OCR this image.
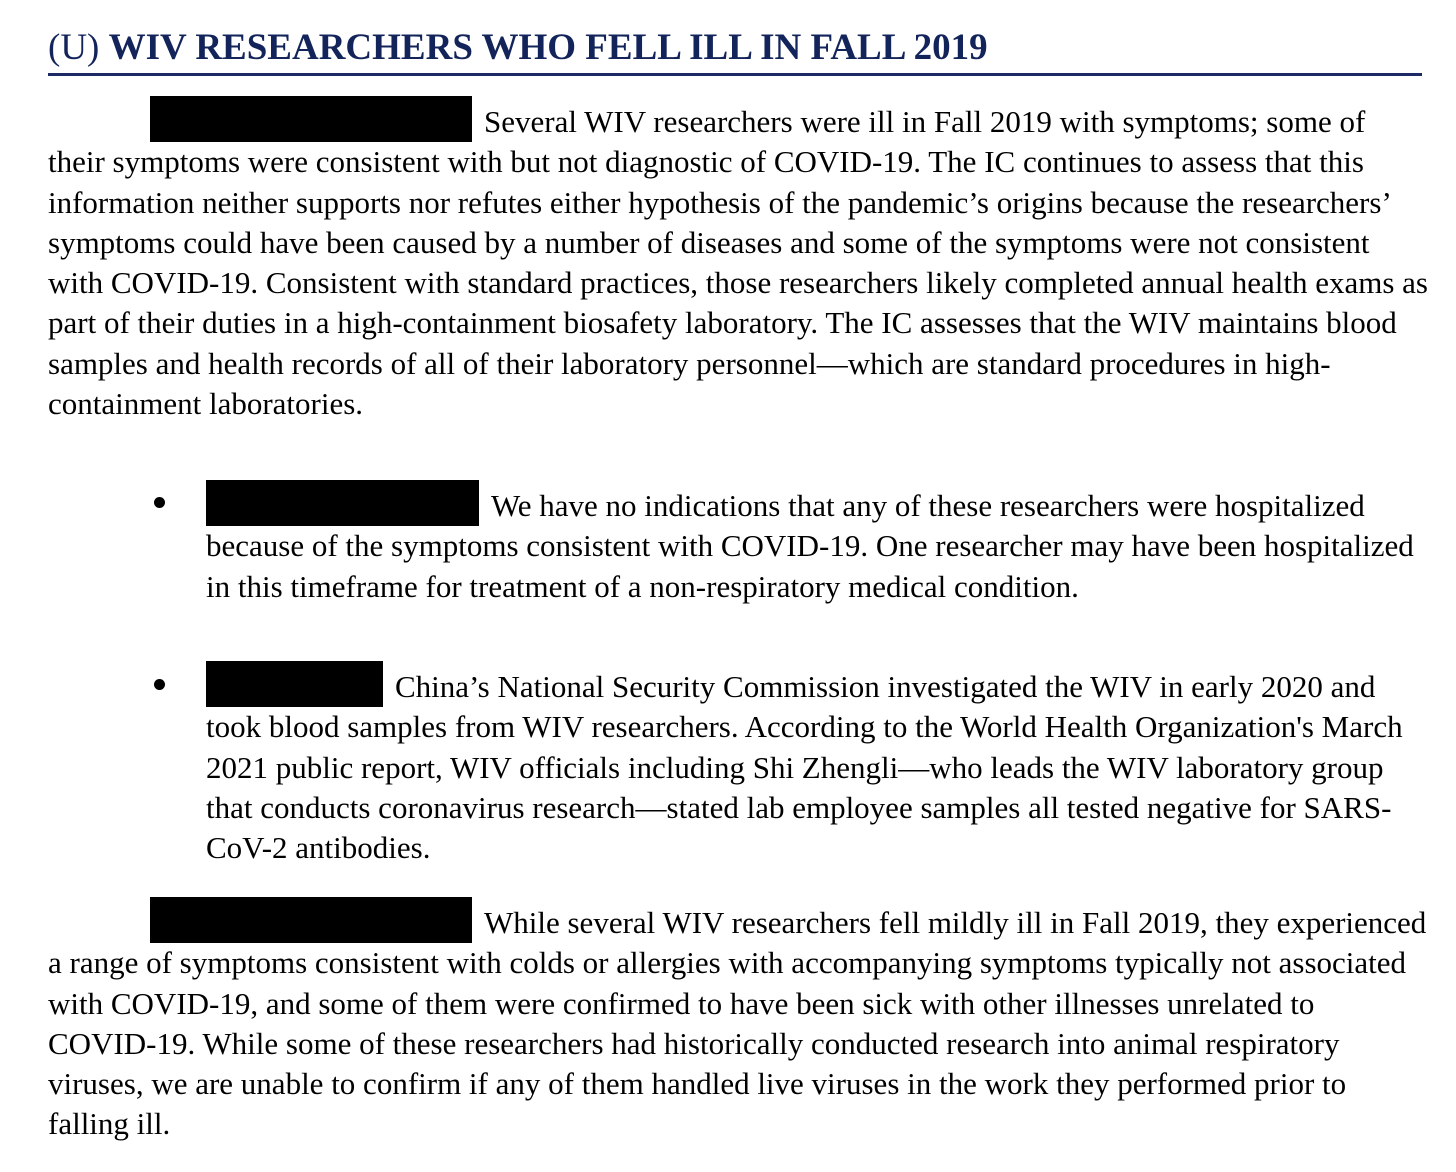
(U) WIV RESEARCHERS WHO FELL ILL IN FALL 2019

Several WIV researchers were ill in Fall 2019 with symptoms; some of their symptoms were consistent with but not diagnostic of COVID-19. The IC continues to assess that this information neither supports nor refutes either hypothesis of the pandemic’s origins because the researchers’ symptoms could have been caused by a number of diseases and some of the symptoms were not consistent with COVID-19. Consistent with standard practices, those researchers likely completed annual health exams as part of their duties in a high-containment biosafety laboratory. The IC assesses that the WIV maintains blood samples and health records of all of their laboratory personnel—which are standard procedures in high-containment laboratories.

We have no indications that any of these researchers were hospitalized because of the symptoms consistent with COVID-19. One researcher may have been hospitalized in this timeframe for treatment of a non-respiratory medical condition.

China’s National Security Commission investigated the WIV in early 2020 and took blood samples from WIV researchers. According to the World Health Organization's March 2021 public report, WIV officials including Shi Zhengli—who leads the WIV laboratory group that conducts coronavirus research—stated lab employee samples all tested negative for SARS-CoV-2 antibodies.

While several WIV researchers fell mildly ill in Fall 2019, they experienced a range of symptoms consistent with colds or allergies with accompanying symptoms typically not associated with COVID-19, and some of them were confirmed to have been sick with other illnesses unrelated to COVID-19. While some of these researchers had historically conducted research into animal respiratory viruses, we are unable to confirm if any of them handled live viruses in the work they performed prior to falling ill.
